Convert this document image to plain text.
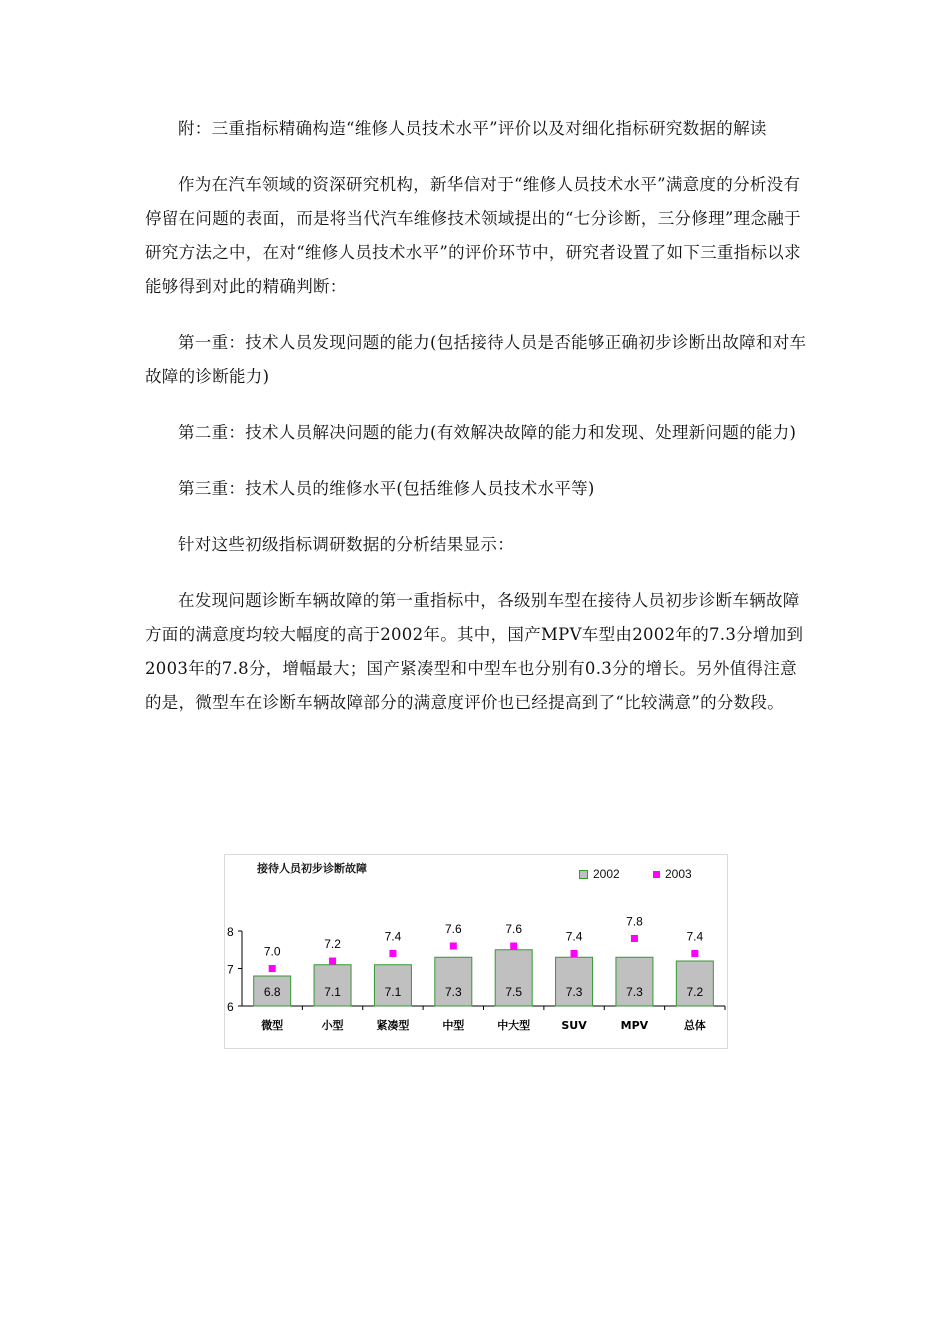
附：三重指标精确构造“维修人员技术水平”评价以及对细化指标研究数据的解读

作为在汽车领域的资深研究机构，新华信对于“维修人员技术水平”满意度的分析没有停留在问题的表面，而是将当代汽车维修技术领域提出的“七分诊断，三分修理”理念融于研究方法之中，在对“维修人员技术水平”的评价环节中，研究者设置了如下三重指标以求能够得到对此的精确判断：

第一重：技术人员发现问题的能力(包括接待人员是否能够正确初步诊断出故障和对车故障的诊断能力)

第二重：技术人员解决问题的能力(有效解决故障的能力和发现、处理新问题的能力)

第三重：技术人员的维修水平(包括维修人员技术水平等)

针对这些初级指标调研数据的分析结果显示：

在发现问题诊断车辆故障的第一重指标中，各级别车型在接待人员初步诊断车辆故障方面的满意度均较大幅度的高于2002年。其中，国产MPV车型由2002年的7.3分增加到2003年的7.8分，增幅最大；国产紧凑型和中型车也分别有0.3分的增长。另外值得注意的是，微型车在诊断车辆故障部分的满意度评价也已经提高到了“比较满意”的分数段。

接待人员初步诊断故障	2002	2003
6
7
8
6.8
7.0
微型
7.1
7.2
小型
7.1
7.4
紧凑型
7.3
7.6
中型
7.5
7.6
中大型
7.3
7.4
SUV
7.3
7.8
MPV
7.2
7.4
总体
